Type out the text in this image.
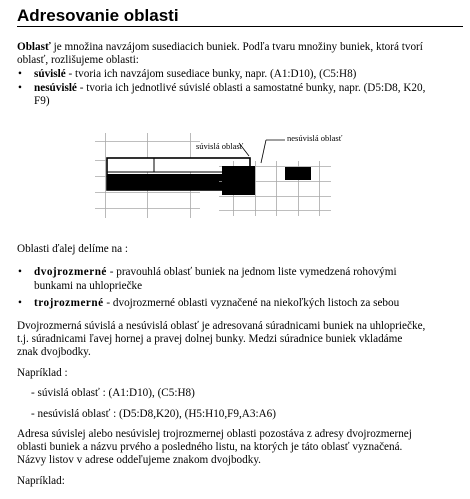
Adresovanie oblasti
Oblasť je množina navzájom susediacich buniek. Podľa tvaru množiny buniek, ktorá tvorí
oblasť, rozlišujeme oblasti:
• súvislé - tvoria ich navzájom susediace bunky, napr. (A1:D10), (C5:H8)
• nesúvislé - tvoria ich jednotlivé súvislé oblasti a samostatné bunky, napr. (D5:D8, K20,
F9)
súvislá oblasť
nesúvislá oblasť
Oblasti ďalej delíme na :
• dvojrozmerné - pravouhlá oblasť buniek na jednom liste vymedzená rohovými
bunkami na uhlopriečke
• trojrozmerné - dvojrozmerné oblasti vyznačené na niekoľkých listoch za sebou
Dvojrozmerná súvislá a nesúvislá oblasť je adresovaná súradnicami buniek na uhlopriečke,
t.j. súradnicami ľavej hornej a pravej dolnej bunky. Medzi súradnice buniek vkladáme
znak dvojbodky.
Napríklad :
- súvislá oblasť : (A1:D10), (C5:H8)
- nesúvislá oblasť : (D5:D8,K20), (H5:H10,F9,A3:A6)
Adresa súvislej alebo nesúvislej trojrozmernej oblasti pozostáva z adresy dvojrozmernej
oblasti buniek a názvu prvého a posledného listu, na ktorých je táto oblasť vyznačená.
Názvy listov v adrese oddeľujeme znakom dvojbodky.
Napríklad:
